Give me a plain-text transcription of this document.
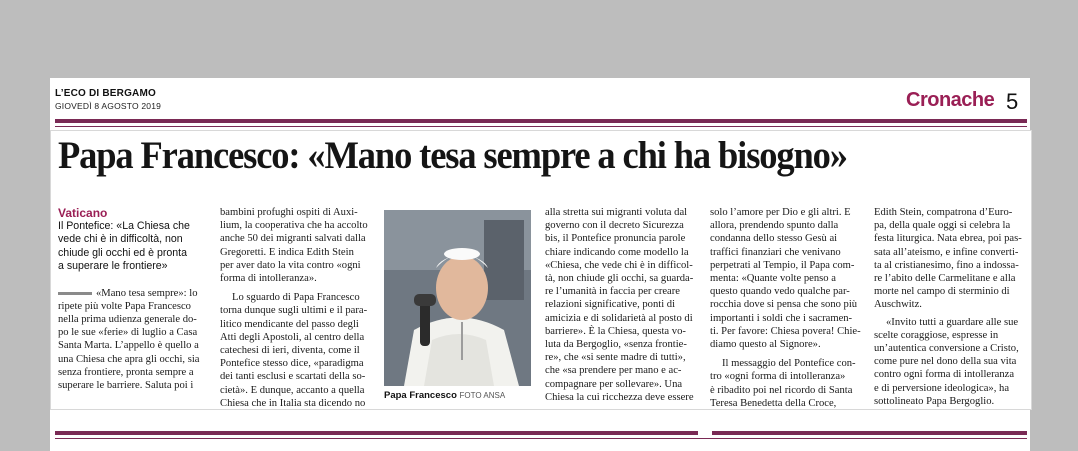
L’ECO DI BERGAMO
GIOVEDÌ 8 AGOSTO 2019	Cronache 5
Papa Francesco: «Mano tesa sempre a chi ha bisogno»
Vaticano
Il Pontefice: «La Chiesa che
vede chi è in difficoltà, non
chiude gli occhi ed è pronta
a superare le frontiere»
«Mano tesa sempre»: lo
ripete più volte Papa Francesco
nella prima udienza generale do-
po le sue «ferie» di luglio a Casa
Santa Marta. L’appello è quello a
una Chiesa che apra gli occhi, sia
senza frontiere, pronta sempre a
superare le barriere. Saluta poi i
bambini profughi ospiti di Auxi-
lium, la cooperativa che ha accolto
anche 50 dei migranti salvati dalla
Gregoretti. E indica Edith Stein
per aver dato la vita contro «ogni
forma di intolleranza».
Lo sguardo di Papa Francesco
torna dunque sugli ultimi e il para-
litico mendicante del passo degli
Atti degli Apostoli, al centro della
catechesi di ieri, diventa, come il
Pontefice stesso dice, «paradigma
dei tanti esclusi e scartati della so-
cietà». E dunque, accanto a quella
Chiesa che in Italia sta dicendo no
Papa Francesco FOTO ANSA
alla stretta sui migranti voluta dal
governo con il decreto Sicurezza
bis, il Pontefice pronuncia parole
chiare indicando come modello la
«Chiesa, che vede chi è in difficol-
tà, non chiude gli occhi, sa guarda-
re l’umanità in faccia per creare
relazioni significative, ponti di
amicizia e di solidarietà al posto di
barriere». È la Chiesa, questa vo-
luta da Bergoglio, «senza frontie-
re», che «si sente madre di tutti»,
che «sa prendere per mano e ac-
compagnare per sollevare». Una
Chiesa la cui ricchezza deve essere
solo l’amore per Dio e gli altri. E
allora, prendendo spunto dalla
condanna dello stesso Gesù ai
traffici finanziari che venivano
perpetrati al Tempio, il Papa com-
menta: «Quante volte penso a
questo quando vedo qualche par-
rocchia dove si pensa che sono più
importanti i soldi che i sacramen-
ti. Per favore: Chiesa povera! Chie-
diamo questo al Signore».
Il messaggio del Pontefice con-
tro «ogni forma di intolleranza»
è ribadito poi nel ricordo di Santa
Teresa Benedetta della Croce,
Edith Stein, compatrona d’Euro-
pa, della quale oggi si celebra la
festa liturgica. Nata ebrea, poi pas-
sata all’ateismo, e infine converti-
ta al cristianesimo, fino a indossa-
re l’abito delle Carmelitane e alla
morte nel campo di sterminio di
Auschwitz.
«Invito tutti a guardare alle sue
scelte coraggiose, espresse in
un’autentica conversione a Cristo,
come pure nel dono della sua vita
contro ogni forma di intolleranza
e di perversione ideologica», ha
sottolineato Papa Bergoglio.
